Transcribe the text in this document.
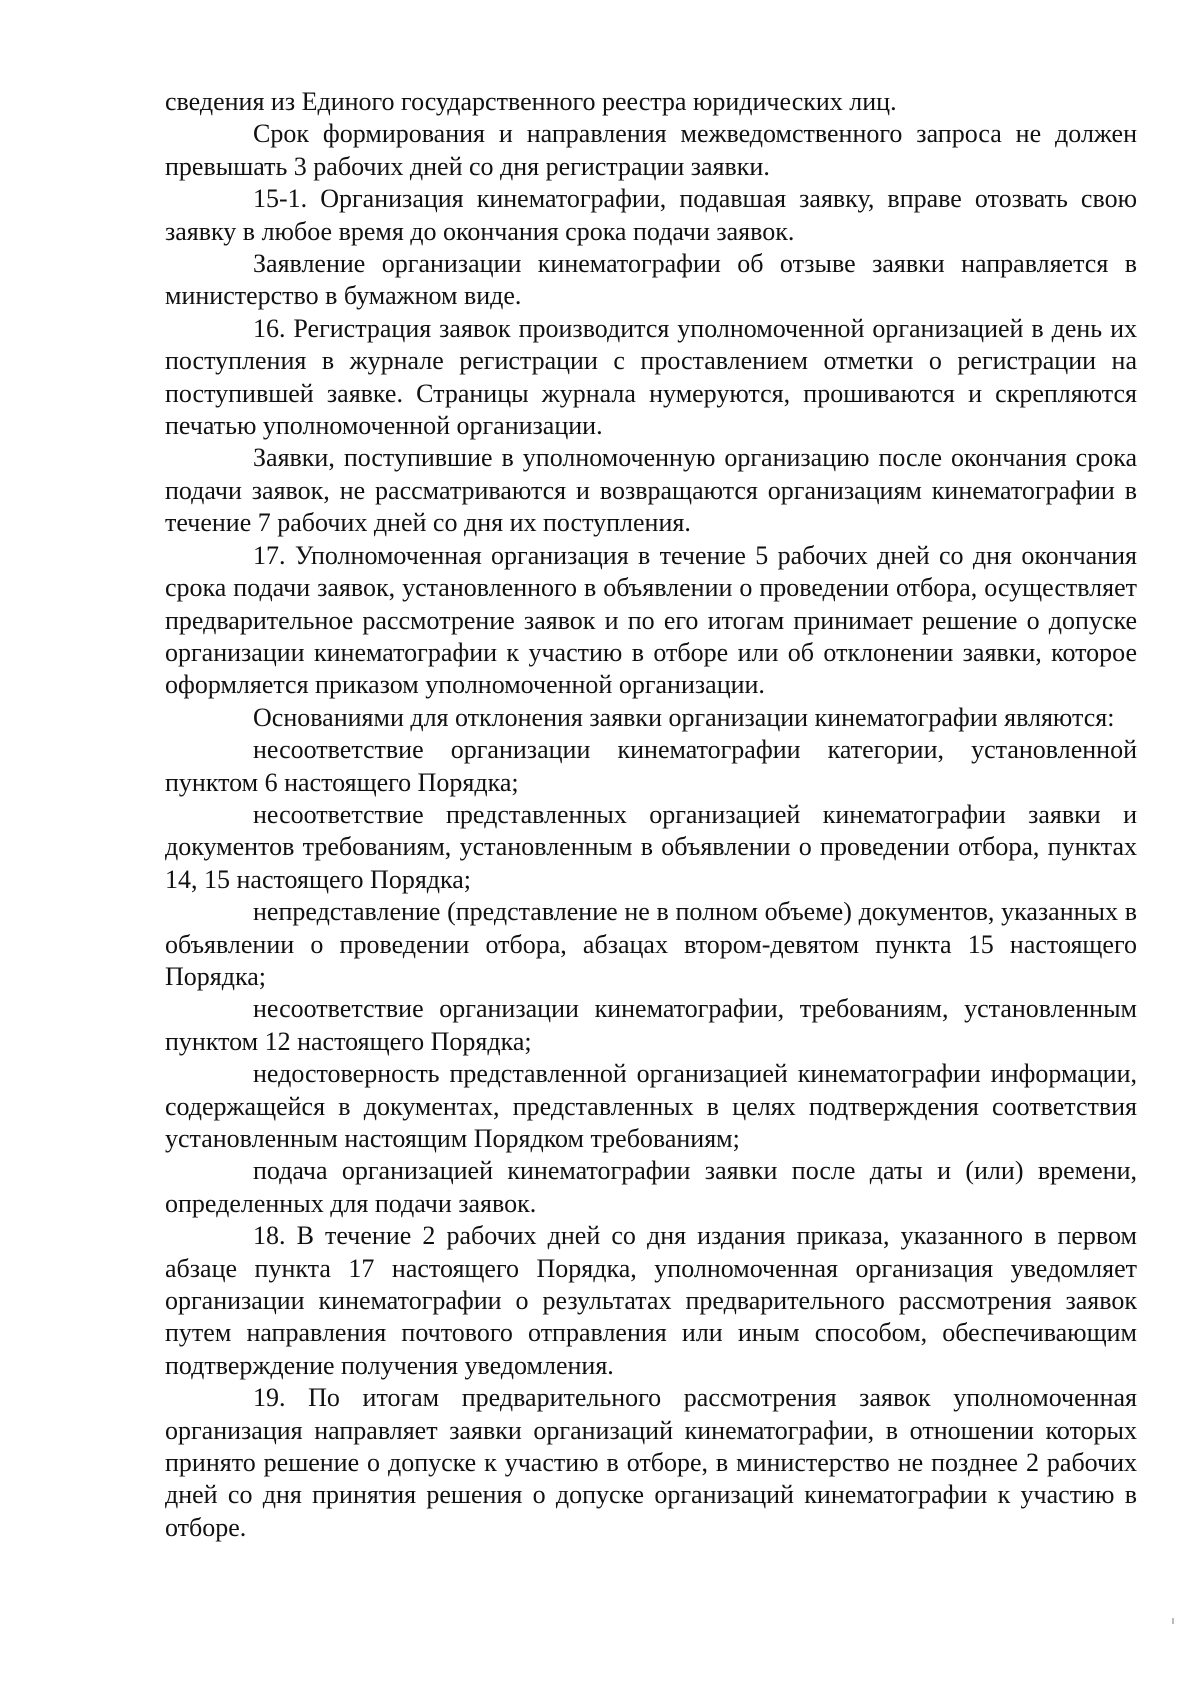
сведения из Единого государственного реестра юридических лиц.

Срок формирования и направления межведомственного запроса не должен превышать 3 рабочих дней со дня регистрации заявки.

15-1. Организация кинематографии, подавшая заявку, вправе отозвать свою заявку в любое время до окончания срока подачи заявок.

Заявление организации кинематографии об отзыве заявки направляется в министерство в бумажном виде.

16. Регистрация заявок производится уполномоченной организацией в день их поступления в журнале регистрации с проставлением отметки о регистрации на поступившей заявке. Страницы журнала нумеруются, прошиваются и скрепляются печатью уполномоченной организации.

Заявки, поступившие в уполномоченную организацию после окончания срока подачи заявок, не рассматриваются и возвращаются организациям кинематографии в течение 7 рабочих дней со дня их поступления.

17. Уполномоченная организация в течение 5 рабочих дней со дня окончания срока подачи заявок, установленного в объявлении о проведении отбора, осуществляет предварительное рассмотрение заявок и по его итогам принимает решение о допуске организации кинематографии к участию в отборе или об отклонении заявки, которое оформляется приказом уполномоченной организации.

Основаниями для отклонения заявки организации кинематографии являются:

несоответствие организации кинематографии категории, установленной пунктом 6 настоящего Порядка;

несоответствие представленных организацией кинематографии заявки и документов требованиям, установленным в объявлении о проведении отбора, пунктах 14, 15 настоящего Порядка;

непредставление (представление не в полном объеме) документов, указанных в объявлении о проведении отбора, абзацах втором-девятом пункта 15 настоящего Порядка;

несоответствие организации кинематографии, требованиям, установленным пунктом 12 настоящего Порядка;

недостоверность представленной организацией кинематографии информации, содержащейся в документах, представленных в целях подтверждения соответствия установленным настоящим Порядком требованиям;

подача организацией кинематографии заявки после даты и (или) времени, определенных для подачи заявок.

18. В течение 2 рабочих дней со дня издания приказа, указанного в первом абзаце пункта 17 настоящего Порядка, уполномоченная организация уведомляет организации кинематографии о результатах предварительного рассмотрения заявок путем направления почтового отправления или иным способом, обеспечивающим подтверждение получения уведомления.

19. По итогам предварительного рассмотрения заявок уполномоченная организация направляет заявки организаций кинематографии, в отношении которых принято решение о допуске к участию в отборе, в министерство не позднее 2 рабочих дней со дня принятия решения о допуске организаций кинематографии к участию в отборе.
